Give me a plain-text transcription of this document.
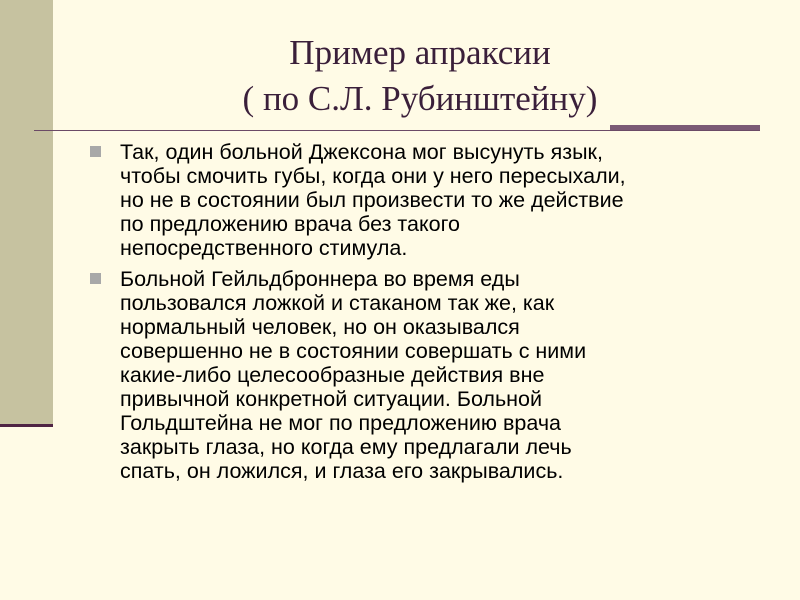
Пример апраксии
( по С.Л. Рубинштейну)
Так, один больной Джексона мог высунуть язык,
чтобы смочить губы, когда они у него пересыхали,
но не в состоянии был произвести то же действие
по предложению врача без такого
непосредственного стимула.
Больной Гейльдброннера во время еды
пользовался ложкой и стаканом так же, как
нормальный человек, но он оказывался
совершенно не в состоянии совершать с ними
какие-либо целесообразные действия вне
привычной конкретной ситуации. Больной
Гольдштейна не мог по предложению врача
закрыть глаза, но когда ему предлагали лечь
спать, он ложился, и глаза его закрывались.
